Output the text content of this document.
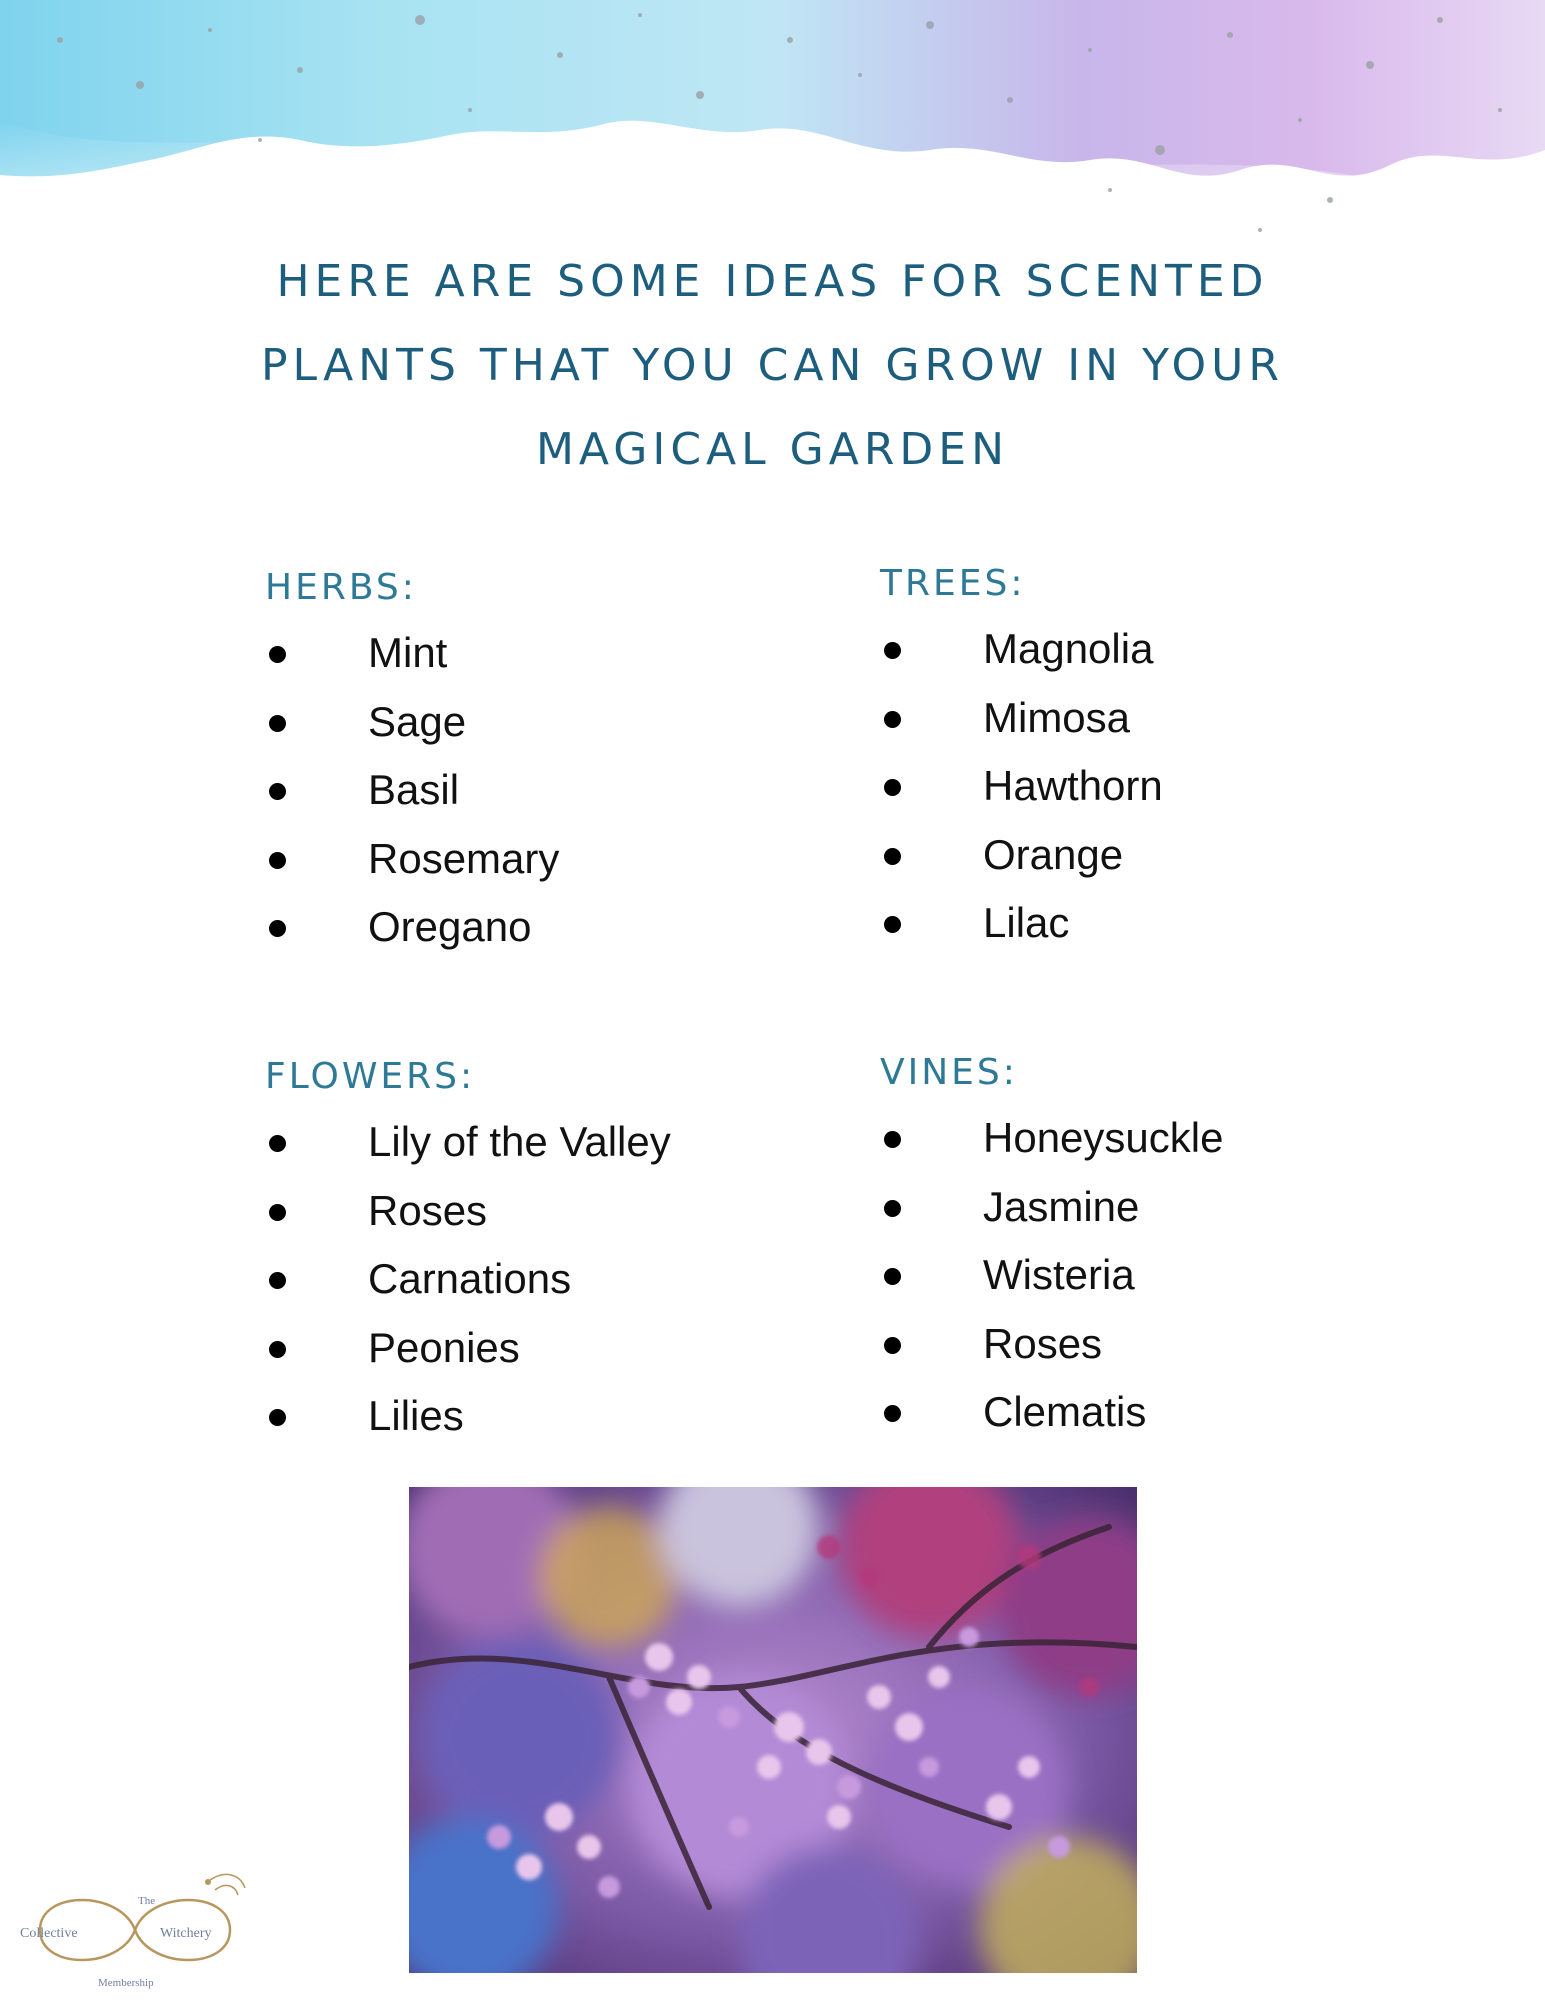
HERE ARE SOME IDEAS FOR SCENTED
PLANTS THAT YOU CAN GROW IN YOUR
MAGICAL GARDEN
HERBS:
Mint
Sage
Basil
Rosemary
Oregano
TREES:
Magnolia
Mimosa
Hawthorn
Orange
Lilac
FLOWERS:
Lily of the Valley
Roses
Carnations
Peonies
Lilies
VINES:
Honeysuckle
Jasmine
Wisteria
Roses
Clematis
The
Collective	Witchery
Membership
